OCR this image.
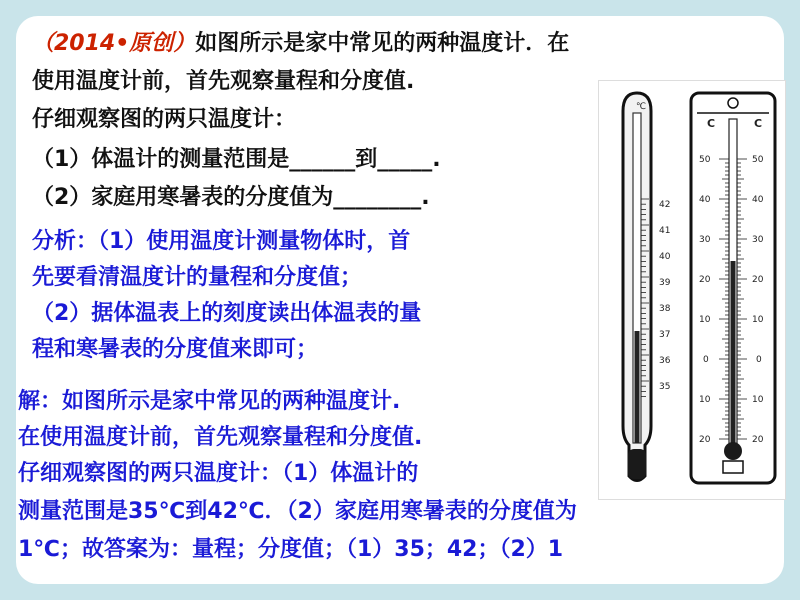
（2014•原创）如图所示是家中常见的两种温度计．在
使用温度计前，首先观察量程和分度值.
仔细观察图的两只温度计：
（1）体温计的测量范围是______到_____.
（2）家庭用寒暑表的分度值为________.
分析：（1）使用温度计测量物体时，首
先要看清温度计的量程和分度值；
（2）据体温表上的刻度读出体温表的量
程和寒暑表的分度值来即可；
解：如图所示是家中常见的两种温度计.
在使用温度计前，首先观察量程和分度值.
仔细观察图的两只温度计：（1）体温计的
测量范围是35℃到42℃．（2）家庭用寒暑表的分度值为
1℃；故答案为：量程；分度值；（1）35；42；（2）1
℃
42
41
40
39
38
37
36
35
C	C
50
40
30
20
10
0
10
20
50
40
30
20
10
0
10
20
